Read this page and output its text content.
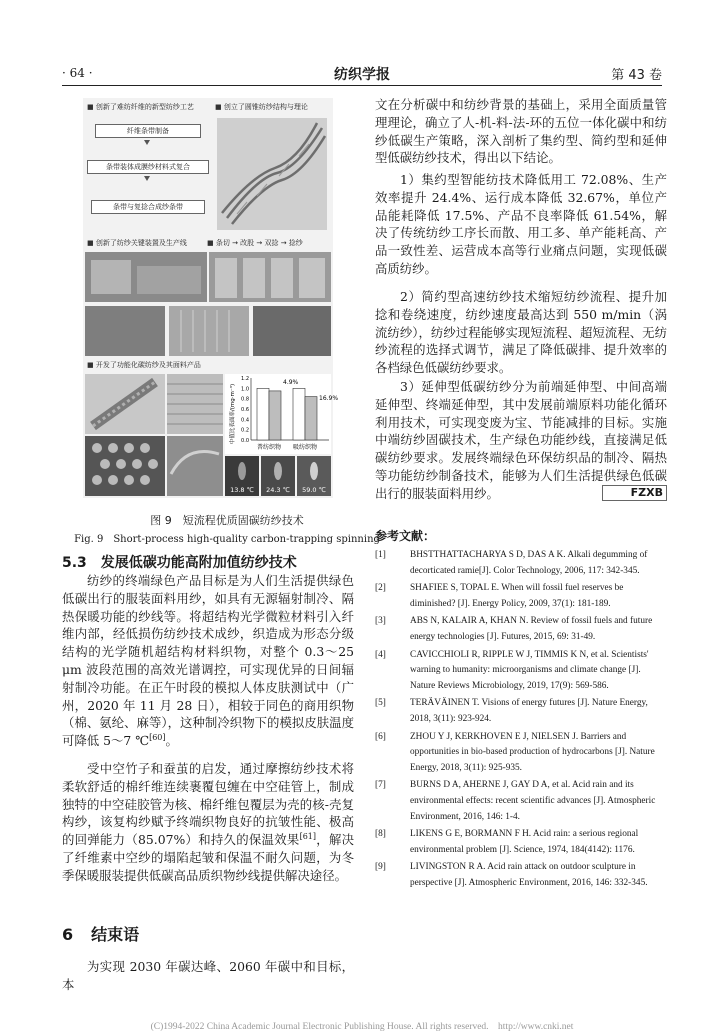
· 64 ·	纺织学报	第 43 卷
■ 创新了难纺纤维的新型纺纱工艺	■ 创立了圆锥纺纱结构与理论
纤维条带制备
条带装体成膜纱材料式复合
条带与复捻合成纱条带
■ 创新了纺纱关键装置及生产线	■ 条切 → 改股 → 双捻 → 捻纱
■ 开发了功能化碳纺纱及其面料产品
中值比表面率/(mg·m⁻³)
1.2
1.0
0.8
0.6
0.4
0.2
0.0
普纺织物 吸纺织物
4.9%
16.9%
13.8 ℃ 24.3 ℃ 59.0 ℃
图 9　短流程优质固碳纺纱技术
Fig. 9　Short-process high-quality carbon-trapping spinning
5.3　发展低碳功能高附加值纺纱技术

纺纱的终端绿色产品目标是为人们生活提供绿色低碳出行的服装面料用纱，如具有无源辐射制冷、隔热保暖功能的纱线等。将超结构光学微粒材料引入纤维内部，经低损伤纺纱技术成纱，织造成为形态分级结构的光学随机超结构材料织物，对整个 0.3～25 μm 波段范围的高效光谱调控，可实现优异的日间辐射制冷功能。在正午时段的模拟人体皮肤测试中（广州，2020 年 11 月 28 日），相较于同色的商用织物（棉、氨纶、麻等），这种制冷织物下的模拟皮肤温度可降低 5～7 ℃[60]。

受中空竹子和蚕茧的启发，通过摩擦纺纱技术将柔软舒适的棉纤维连续裹覆包缠在中空硅管上，制成独特的中空硅胶管为核、棉纤维包覆层为壳的核-壳复构纱，该复构纱赋予终端织物良好的抗皱性能、极高的回弹能力（85.07%）和持久的保温效果[61]，解决了纤维素中空纱的塌陷起皱和保温不耐久问题，为冬季保暖服装提供低碳高品质织物纱线提供解决途径。

6 结束语

为实现 2030 年碳达峰、2060 年碳中和目标，本

文在分析碳中和纺纱背景的基础上，采用全面质量管理理论，确立了人-机-料-法-环的五位一体化碳中和纺纱低碳生产策略，深入剖析了集约型、简约型和延伸型低碳纺纱技术，得出以下结论。

1）集约型智能纺技术降低用工 72.08%、生产效率提升 24.4%、运行成本降低 32.67%，单位产品能耗降低 17.5%、产品不良率降低 61.54%，解决了传统纺纱工序长而散、用工多、单产能耗高、产品一致性差、运营成本高等行业痛点问题，实现低碳高质纺纱。

2）简约型高速纺纱技术缩短纺纱流程、提升加捻和卷绕速度，纺纱速度最高达到 550 m/min（涡流纺纱），纺纱过程能够实现短流程、超短流程、无纺纱流程的选择式调节，满足了降低碳排、提升效率的各档绿色低碳纺纱要求。

3）延伸型低碳纺纱分为前端延伸型、中间高端延伸型、终端延伸型，其中发展前端原料功能化循环利用技术，可实现变废为宝、节能减排的目标。实施中端纺纱固碳技术，生产绿色功能纱线，直接满足低碳纺纱要求。发展终端绿色环保纺织品的制冷、隔热等功能纺纱制备技术，能够为人们生活提供绿色低碳出行的服装面料用纱。	FZXB

参考文献：
[1]	BHSTTHATTACHARYA S D, DAS A K. Alkali degumming of decorticated ramie[J]. Color Technology, 2006, 117: 342-345.
[2]	SHAFIEE S, TOPAL E. When will fossil fuel reserves be diminished? [J]. Energy Policy, 2009, 37(1): 181-189.
[3]	ABS N, KALAIR A, KHAN N. Review of fossil fuels and future energy technologies [J]. Futures, 2015, 69: 31-49.
[4]	CAVICCHIOLI R, RIPPLE W J, TIMMIS K N, et al. Scientists' warning to humanity: microorganisms and climate change [J]. Nature Reviews Microbiology, 2019, 17(9): 569-586.
[5]	TERÄVÄINEN T. Visions of energy futures [J]. Nature Energy, 2018, 3(11): 923-924.
[6]	ZHOU Y J, KERKHOVEN E J, NIELSEN J. Barriers and opportunities in bio-based production of hydrocarbons [J]. Nature Energy, 2018, 3(11): 925-935.
[7]	BURNS D A, AHERNE J, GAY D A, et al. Acid rain and its environmental effects: recent scientific advances [J]. Atmospheric Environment, 2016, 146: 1-4.
[8]	LIKENS G E, BORMANN F H. Acid rain: a serious regional environmental problem [J]. Science, 1974, 184(4142): 1176.
[9]	LIVINGSTON R A. Acid rain attack on outdoor sculpture in perspective [J]. Atmospheric Environment, 2016, 146: 332-345.
(C)1994-2022 China Academic Journal Electronic Publishing House. All rights reserved.　http://www.cnki.net
